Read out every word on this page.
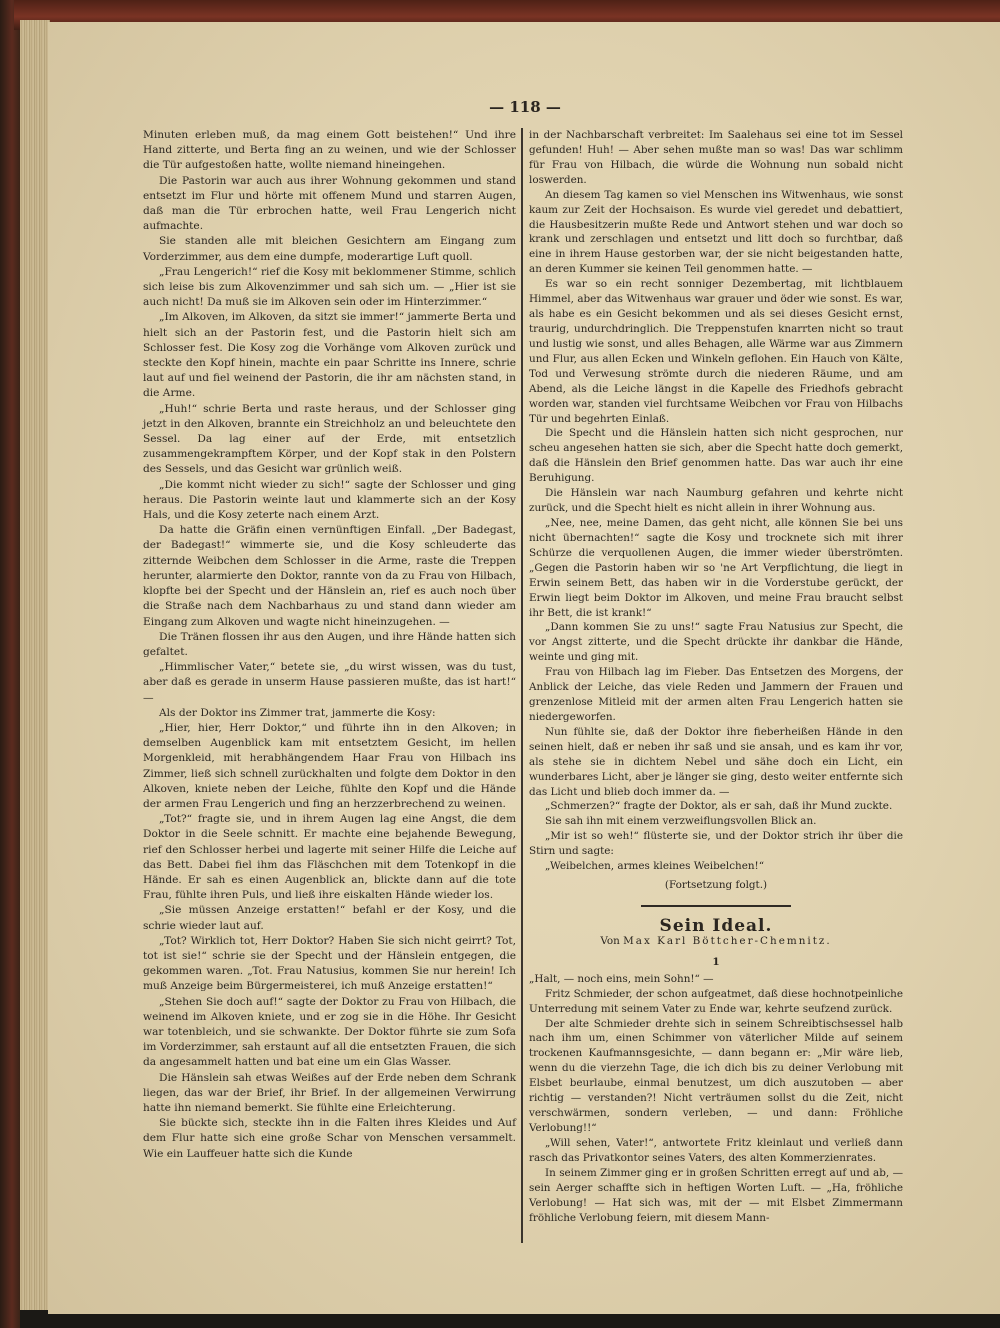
— 118 —

Minuten erleben muß, da mag einem Gott beistehen!“ Und ihre Hand zitterte, und Berta fing an zu weinen, und wie der Schlosser die Tür aufgestoßen hatte, wollte niemand hineingehen.

Die Pastorin war auch aus ihrer Wohnung gekommen und stand entsetzt im Flur und hörte mit offenem Mund und starren Augen, daß man die Tür erbrochen hatte, weil Frau Lengerich nicht aufmachte.

Sie standen alle mit bleichen Gesichtern am Eingang zum Vorderzimmer, aus dem eine dumpfe, moderartige Luft quoll.

„Frau Lengerich!“ rief die Kosy mit beklommener Stimme, schlich sich leise bis zum Alkovenzimmer und sah sich um. — „Hier ist sie auch nicht! Da muß sie im Alkoven sein oder im Hinterzimmer.“

„Im Alkoven, im Alkoven, da sitzt sie immer!“ jammerte Berta und hielt sich an der Pastorin fest, und die Pastorin hielt sich am Schlosser fest. Die Kosy zog die Vorhänge vom Alkoven zurück und steckte den Kopf hinein, machte ein paar Schritte ins Innere, schrie laut auf und fiel weinend der Pastorin, die ihr am nächsten stand, in die Arme.

„Huh!“ schrie Berta und raste heraus, und der Schlosser ging jetzt in den Alkoven, brannte ein Streichholz an und beleuchtete den Sessel. Da lag einer auf der Erde, mit entsetzlich zusammengekrampftem Körper, und der Kopf stak in den Polstern des Sessels, und das Gesicht war grünlich weiß.

„Die kommt nicht wieder zu sich!“ sagte der Schlosser und ging heraus. Die Pastorin weinte laut und klammerte sich an der Kosy Hals, und die Kosy zeterte nach einem Arzt.

Da hatte die Gräfin einen vernünftigen Einfall. „Der Badegast, der Badegast!“ wimmerte sie, und die Kosy schleuderte das zitternde Weibchen dem Schlosser in die Arme, raste die Treppen herunter, alarmierte den Doktor, rannte von da zu Frau von Hilbach, klopfte bei der Specht und der Hänslein an, rief es auch noch über die Straße nach dem Nachbarhaus zu und stand dann wieder am Eingang zum Alkoven und wagte nicht hineinzugehen. —

Die Tränen flossen ihr aus den Augen, und ihre Hände hatten sich gefaltet.

„Himmlischer Vater,“ betete sie, „du wirst wissen, was du tust, aber daß es gerade in unserm Hause passieren mußte, das ist hart!“ —

Als der Doktor ins Zimmer trat, jammerte die Kosy:

„Hier, hier, Herr Doktor,“ und führte ihn in den Alkoven; in demselben Augenblick kam mit entsetztem Gesicht, im hellen Morgenkleid, mit herabhängendem Haar Frau von Hilbach ins Zimmer, ließ sich schnell zurückhalten und folgte dem Doktor in den Alkoven, kniete neben der Leiche, fühlte den Kopf und die Hände der armen Frau Lengerich und fing an herzzerbrechend zu weinen.

„Tot?“ fragte sie, und in ihrem Augen lag eine Angst, die dem Doktor in die Seele schnitt. Er machte eine bejahende Bewegung, rief den Schlosser herbei und lagerte mit seiner Hilfe die Leiche auf das Bett. Dabei fiel ihm das Fläschchen mit dem Totenkopf in die Hände. Er sah es einen Augenblick an, blickte dann auf die tote Frau, fühlte ihren Puls, und ließ ihre eiskalten Hände wieder los.

„Sie müssen Anzeige erstatten!“ befahl er der Kosy, und die schrie wieder laut auf.

„Tot? Wirklich tot, Herr Doktor? Haben Sie sich nicht geirrt? Tot, tot ist sie!“ schrie sie der Specht und der Hänslein entgegen, die gekommen waren. „Tot. Frau Natusius, kommen Sie nur herein! Ich muß Anzeige beim Bürgermeisterei, ich muß Anzeige erstatten!“

„Stehen Sie doch auf!“ sagte der Doktor zu Frau von Hilbach, die weinend im Alkoven kniete, und er zog sie in die Höhe. Ihr Gesicht war totenbleich, und sie schwankte. Der Doktor führte sie zum Sofa im Vorderzimmer, sah erstaunt auf all die entsetzten Frauen, die sich da angesammelt hatten und bat eine um ein Glas Wasser.

Die Hänslein sah etwas Weißes auf der Erde neben dem Schrank liegen, das war der Brief, ihr Brief. In der allgemeinen Verwirrung hatte ihn niemand bemerkt. Sie fühlte eine Erleichterung.

Sie bückte sich, steckte ihn in die Falten ihres Kleides und Auf dem Flur hatte sich eine große Schar von Menschen versammelt. Wie ein Lauffeuer hatte sich die Kunde

in der Nachbarschaft verbreitet: Im Saalehaus sei eine tot im Sessel gefunden! Huh! — Aber sehen mußte man so was! Das war schlimm für Frau von Hilbach, die würde die Wohnung nun sobald nicht loswerden.

An diesem Tag kamen so viel Menschen ins Witwenhaus, wie sonst kaum zur Zeit der Hochsaison. Es wurde viel geredet und debattiert, die Hausbesitzerin mußte Rede und Antwort stehen und war doch so krank und zerschlagen und entsetzt und litt doch so furchtbar, daß eine in ihrem Hause gestorben war, der sie nicht beigestanden hatte, an deren Kummer sie keinen Teil genommen hatte. —

Es war so ein recht sonniger Dezembertag, mit lichtblauem Himmel, aber das Witwenhaus war grauer und öder wie sonst. Es war, als habe es ein Gesicht bekommen und als sei dieses Gesicht ernst, traurig, undurchdringlich. Die Treppenstufen knarrten nicht so traut und lustig wie sonst, und alles Behagen, alle Wärme war aus Zimmern und Flur, aus allen Ecken und Winkeln geflohen. Ein Hauch von Kälte, Tod und Verwesung strömte durch die niederen Räume, und am Abend, als die Leiche längst in die Kapelle des Friedhofs gebracht worden war, standen viel furchtsame Weibchen vor Frau von Hilbachs Tür und begehrten Einlaß.

Die Specht und die Hänslein hatten sich nicht gesprochen, nur scheu angesehen hatten sie sich, aber die Specht hatte doch gemerkt, daß die Hänslein den Brief genommen hatte. Das war auch ihr eine Beruhigung.

Die Hänslein war nach Naumburg gefahren und kehrte nicht zurück, und die Specht hielt es nicht allein in ihrer Wohnung aus.

„Nee, nee, meine Damen, das geht nicht, alle können Sie bei uns nicht übernachten!“ sagte die Kosy und trocknete sich mit ihrer Schürze die verquollenen Augen, die immer wieder überströmten. „Gegen die Pastorin haben wir so 'ne Art Verpflichtung, die liegt in Erwin seinem Bett, das haben wir in die Vorderstube gerückt, der Erwin liegt beim Doktor im Alkoven, und meine Frau braucht selbst ihr Bett, die ist krank!“

„Dann kommen Sie zu uns!“ sagte Frau Natusius zur Specht, die vor Angst zitterte, und die Specht drückte ihr dankbar die Hände, weinte und ging mit.

Frau von Hilbach lag im Fieber. Das Entsetzen des Morgens, der Anblick der Leiche, das viele Reden und Jammern der Frauen und grenzenlose Mitleid mit der armen alten Frau Lengerich hatten sie niedergeworfen.

Nun fühlte sie, daß der Doktor ihre fieberheißen Hände in den seinen hielt, daß er neben ihr saß und sie ansah, und es kam ihr vor, als stehe sie in dichtem Nebel und sähe doch ein Licht, ein wunderbares Licht, aber je länger sie ging, desto weiter entfernte sich das Licht und blieb doch immer da. —

„Schmerzen?“ fragte der Doktor, als er sah, daß ihr Mund zuckte.

Sie sah ihn mit einem verzweiflungsvollen Blick an.

„Mir ist so weh!“ flüsterte sie, und der Doktor strich ihr über die Stirn und sagte:

„Weibelchen, armes kleines Weibelchen!“

(Fortsetzung folgt.)

Sein Ideal.

Von Max Karl Böttcher-Chemnitz.

1

„Halt, — noch eins, mein Sohn!“ —

Fritz Schmieder, der schon aufgeatmet, daß diese hochnotpeinliche Unterredung mit seinem Vater zu Ende war, kehrte seufzend zurück.

Der alte Schmieder drehte sich in seinem Schreibtischsessel halb nach ihm um, einen Schimmer von väterlicher Milde auf seinem trockenen Kaufmannsgesichte, — dann begann er: „Mir wäre lieb, wenn du die vierzehn Tage, die ich dich bis zu deiner Verlobung mit Elsbet beurlaube, einmal benutzest, um dich auszutoben — aber richtig — verstanden?! Nicht verträumen sollst du die Zeit, nicht verschwärmen, sondern verleben, — und dann: Fröhliche Verlobung!!“

„Will sehen, Vater!“, antwortete Fritz kleinlaut und verließ dann rasch das Privatkontor seines Vaters, des alten Kommerzienrates.

In seinem Zimmer ging er in großen Schritten erregt auf und ab, — sein Aerger schaffte sich in heftigen Worten Luft. — „Ha, fröhliche Verlobung! — Hat sich was, mit der — mit Elsbet Zimmermann fröhliche Verlobung feiern, mit diesem Mann-
